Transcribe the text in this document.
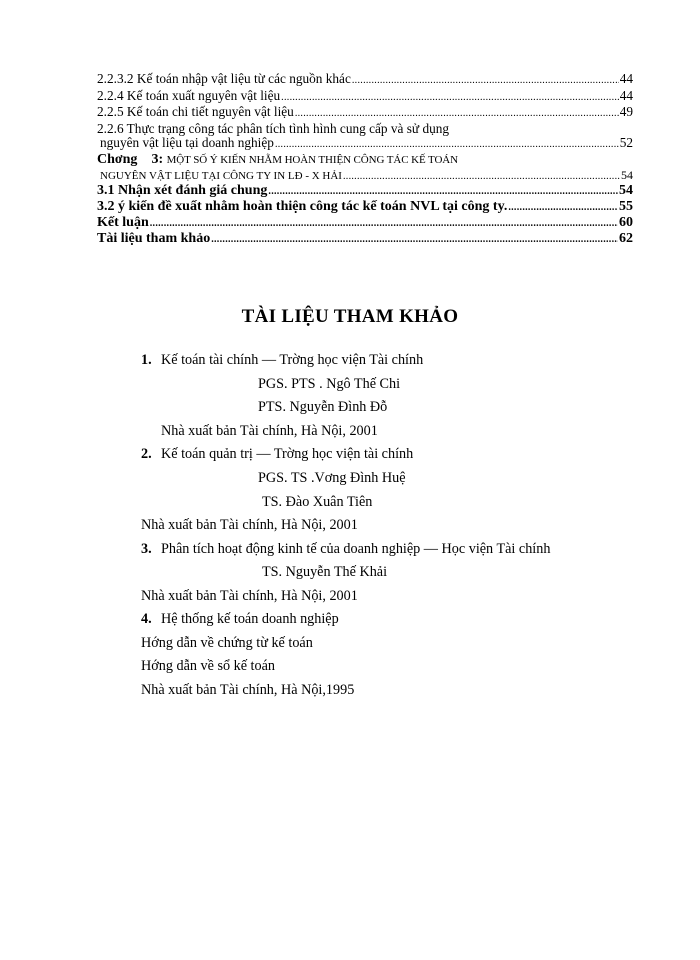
2.2.3.2 Kế toán nhập vật liệu từ các nguồn khác .....	44
2.2.4 Kế toán xuất nguyên vật liệu .....	44
2.2.5 Kế toán chi tiết nguyên vật liệu .....	49
2.2.6 Thực trạng công tác phân tích tình hình cung cấp và sử dụng
nguyên vật liệu tại doanh nghiệp .....	52
Chơng 3: MỘT SỐ Ý KIẾN NHẰM HOÀN THIỆN CÔNG TÁC KẾ TOÁN
NGUYÊN VẬT LIỆU TẠI CÔNG TY IN LĐ - X HẢI .....	54
3.1 Nhận xét đánh giá chung .....	54
3.2 ý kiến đề xuất nhằm hoàn thiện công tác kế toán NVL tại công ty. .....	55
Kết luận .....	60
Tài liệu tham khảo .....	62
TÀI LIỆU THAM KHẢO
1. Kế toán tài chính — Trờng học viện Tài chính
PGS. PTS . Ngô Thế Chi
PTS. Nguyễn Đình Đỗ
Nhà xuất bản Tài chính, Hà Nội, 2001
2. Kế toán quản trị — Trờng học viện tài chính
PGS. TS .Vơng Đình Huệ
TS. Đào Xuân Tiên
Nhà xuất bản Tài chính, Hà Nội, 2001
3. Phân tích hoạt động kinh tế của doanh nghiệp — Học viện Tài chính
TS. Nguyễn Thế Khải
Nhà xuất bản Tài chính, Hà Nội, 2001
4. Hệ thống kế toán doanh nghiệp
Hớng dẫn về chứng từ kế toán
Hớng dẫn về sổ kế toán
Nhà xuất bản Tài chính, Hà Nội,1995
